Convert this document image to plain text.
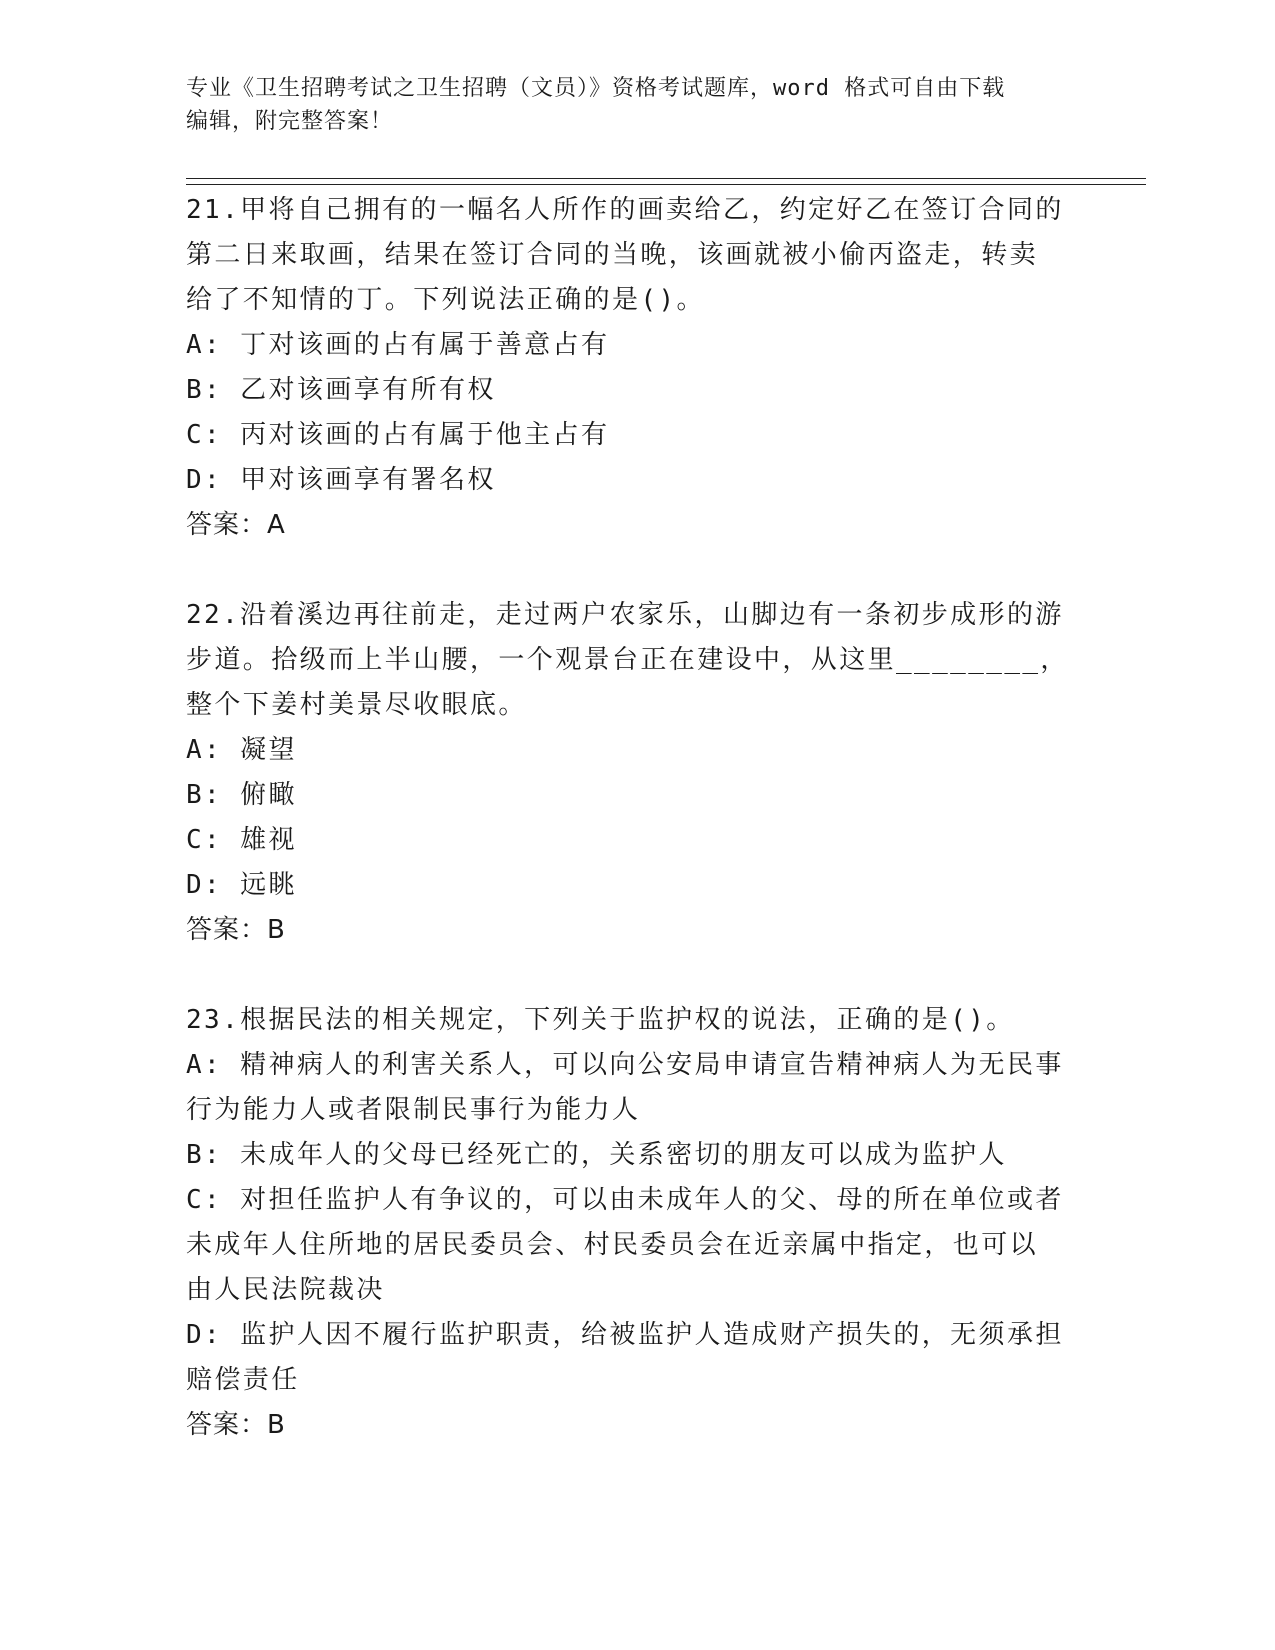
专业《卫生招聘考试之卫生招聘（文员）》资格考试题库，word 格式可自由下载
编辑，附完整答案！
21.甲将自己拥有的一幅名人所作的画卖给乙，约定好乙在签订合同的
第二日来取画，结果在签订合同的当晚，该画就被小偷丙盗走，转卖
给了不知情的丁。下列说法正确的是()。
A: 丁对该画的占有属于善意占有
B: 乙对该画享有所有权
C: 丙对该画的占有属于他主占有
D: 甲对该画享有署名权
答案：A
22.沿着溪边再往前走，走过两户农家乐，山脚边有一条初步成形的游
步道。拾级而上半山腰，一个观景台正在建设中，从这里________，
整个下姜村美景尽收眼底。
A: 凝望
B: 俯瞰
C: 雄视
D: 远眺
答案：B
23.根据民法的相关规定，下列关于监护权的说法，正确的是()。
A: 精神病人的利害关系人，可以向公安局申请宣告精神病人为无民事
行为能力人或者限制民事行为能力人
B: 未成年人的父母已经死亡的，关系密切的朋友可以成为监护人
C: 对担任监护人有争议的，可以由未成年人的父、母的所在单位或者
未成年人住所地的居民委员会、村民委员会在近亲属中指定，也可以
由人民法院裁决
D: 监护人因不履行监护职责，给被监护人造成财产损失的，无须承担
赔偿责任
答案：B
